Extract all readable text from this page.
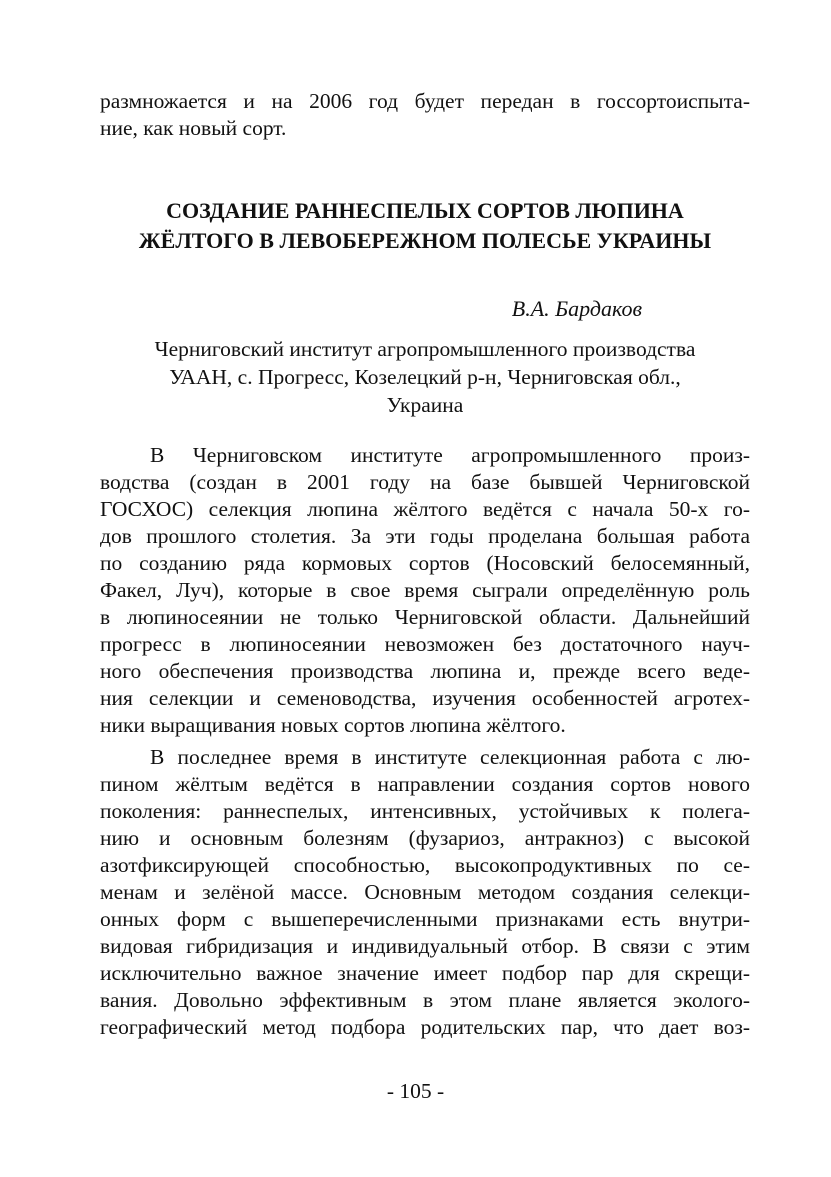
размножается и на 2006 год будет передан в госсортоиспыта-

ние, как новый сорт.

СОЗДАНИЕ РАННЕСПЕЛЫХ СОРТОВ ЛЮПИНА
ЖЁЛТОГО В ЛЕВОБЕРЕЖНОМ ПОЛЕСЬЕ УКРАИНЫ
В.А. Бардаков
Черниговский институт агропромышленного производства
УААН, с. Прогресс, Козелецкий р-н, Черниговская обл.,
Украина

В Черниговском институте агропромышленного произ-

водства (создан в 2001 году на базе бывшей Черниговской

ГОСХОС) селекция люпина жёлтого ведётся с начала 50-х го-

дов прошлого столетия. За эти годы проделана большая работа

по созданию ряда кормовых сортов (Носовский белосемянный,

Факел, Луч), которые в свое время сыграли определённую роль

в люпиносеянии не только Черниговской области. Дальнейший

прогресс в люпиносеянии невозможен без достаточного науч-

ного обеспечения производства люпина и, прежде всего веде-

ния селекции и семеноводства, изучения особенностей агротех-

ники выращивания новых сортов люпина жёлтого.

В последнее время в институте селекционная работа с лю-

пином жёлтым ведётся в направлении создания сортов нового

поколения: раннеспелых, интенсивных, устойчивых к полега-

нию и основным болезням (фузариоз, антракноз) с высокой

азотфиксирующей способностью, высокопродуктивных по се-

менам и зелёной массе. Основным методом создания селекци-

онных форм с вышеперечисленными признаками есть внутри-

видовая гибридизация и индивидуальный отбор. В связи с этим

исключительно важное значение имеет подбор пар для скрещи-

вания. Довольно эффективным в этом плане является эколого-

географический метод подбора родительских пар, что дает воз-

- 105 -
